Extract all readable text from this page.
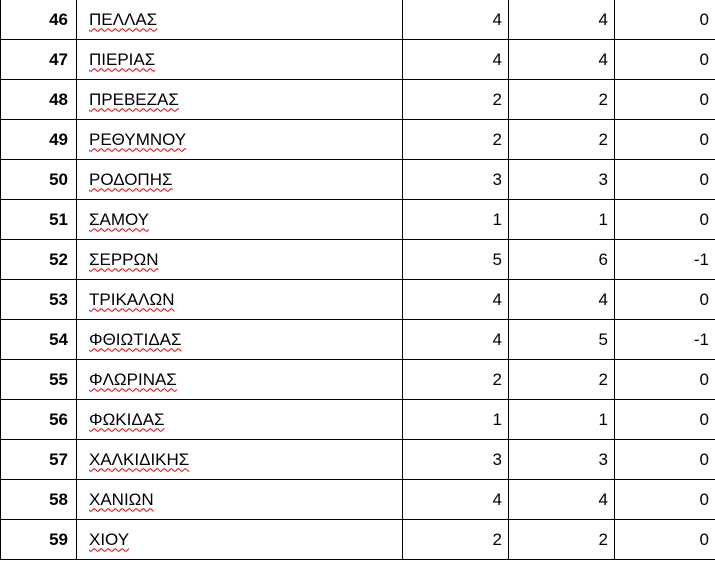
46	ΠΕΛΛΑΣ	4	4	0
47	ΠΙΕΡΙΑΣ	4	4	0
48	ΠΡΕΒΕΖΑΣ	2	2	0
49	ΡΕΘΥΜΝΟΥ	2	2	0
50	ΡΟΔΟΠΗΣ	3	3	0
51	ΣΑΜΟΥ	1	1	0
52	ΣΕΡΡΩΝ	5	6	-1
53	ΤΡΙΚΑΛΩΝ	4	4	0
54	ΦΘΙΩΤΙΔΑΣ	4	5	-1
55	ΦΛΩΡΙΝΑΣ	2	2	0
56	ΦΩΚΙΔΑΣ	1	1	0
57	ΧΑΛΚΙΔΙΚΗΣ	3	3	0
58	ΧΑΝΙΩΝ	4	4	0
59	ΧΙΟΥ	2	2	0
